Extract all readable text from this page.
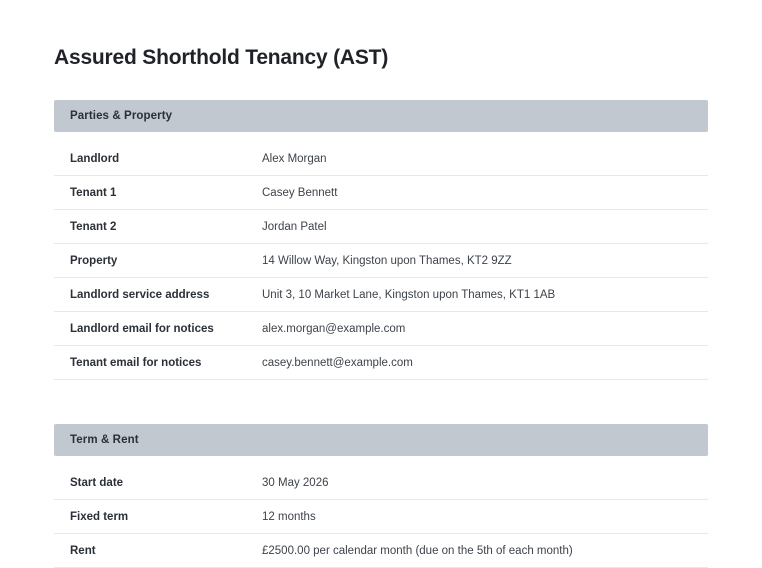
Assured Shorthold Tenancy (AST)
Parties & Property
Landlord	Alex Morgan
Tenant 1	Casey Bennett
Tenant 2	Jordan Patel
Property	14 Willow Way, Kingston upon Thames, KT2 9ZZ
Landlord service address	Unit 3, 10 Market Lane, Kingston upon Thames, KT1 1AB
Landlord email for notices	alex.morgan@example.com
Tenant email for notices	casey.bennett@example.com
Term & Rent
Start date	30 May 2026
Fixed term	12 months
Rent	£2500.00 per calendar month (due on the 5th of each month)
